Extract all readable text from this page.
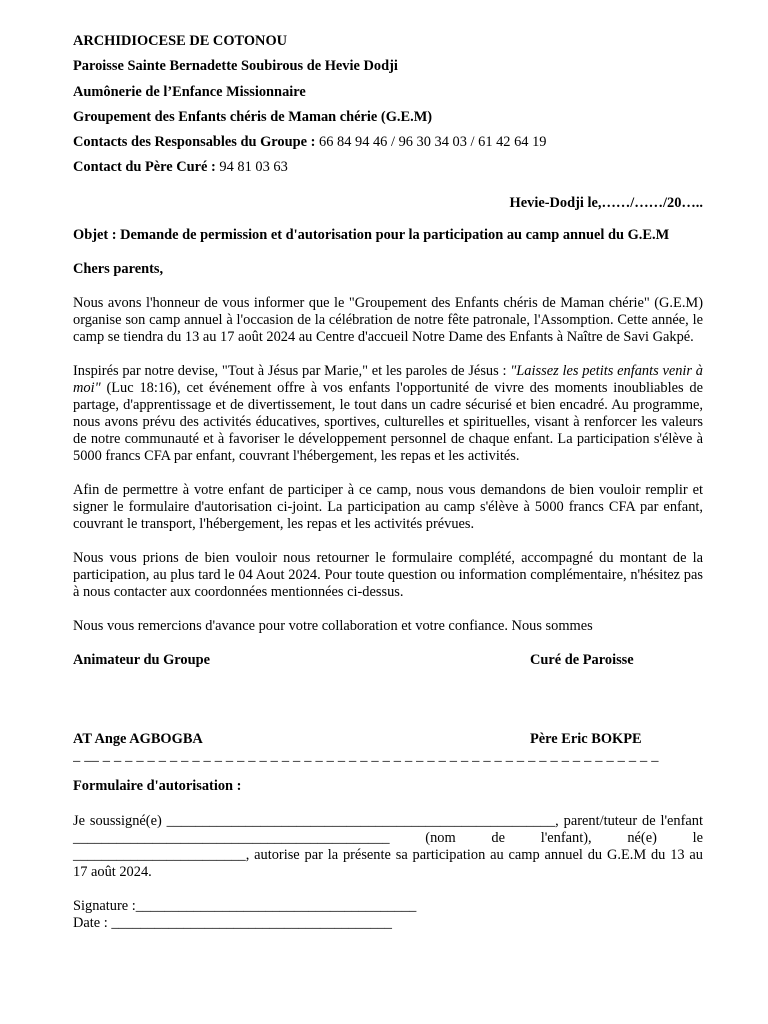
ARCHIDIOCESE DE COTONOU
Paroisse Sainte Bernadette Soubirous de Hevie Dodji
Aumônerie de l’Enfance Missionnaire
Groupement des Enfants chéris de Maman chérie (G.E.M)
Contacts des Responsables du Groupe : 66 84 94 46 / 96 30 34 03 / 61 42 64 19
Contact du Père Curé : 94 81 03 63
Hevie-Dodji le,……/……/20…..
Objet : Demande de permission et d'autorisation pour la participation au camp annuel du G.E.M
Chers parents,

Nous avons l'honneur de vous informer que le "Groupement des Enfants chéris de Maman chérie" (G.E.M) organise son camp annuel à l'occasion de la célébration de notre fête patronale, l'Assomption. Cette année, le camp se tiendra du 13 au 17 août 2024 au Centre d'accueil Notre Dame des Enfants à Naître de Savi Gakpé.

Inspirés par notre devise, "Tout à Jésus par Marie," et les paroles de Jésus : "Laissez les petits enfants venir à moi" (Luc 18:16), cet événement offre à vos enfants l'opportunité de vivre des moments inoubliables de partage, d'apprentissage et de divertissement, le tout dans un cadre sécurisé et bien encadré. Au programme, nous avons prévu des activités éducatives, sportives, culturelles et spirituelles, visant à renforcer les valeurs de notre communauté et à favoriser le développement personnel de chaque enfant. La participation s'élève à 5000 francs CFA par enfant, couvrant l'hébergement, les repas et les activités.

Afin de permettre à votre enfant de participer à ce camp, nous vous demandons de bien vouloir remplir et signer le formulaire d'autorisation ci-joint. La participation au camp s'élève à 5000 francs CFA par enfant, couvrant le transport, l'hébergement, les repas et les activités prévues.

Nous vous prions de bien vouloir nous retourner le formulaire complété, accompagné du montant de la participation, au plus tard le 04 Aout 2024. Pour toute question ou information complémentaire, n'hésitez pas à nous contacter aux coordonnées mentionnées ci-dessus.

Nous vous remercions d'avance pour votre collaboration et votre confiance. Nous sommes

Animateur du Groupe	Curé de Paroisse
AT Ange AGBOGBA	Père Eric BOKPE
_ __ _ _ _ _ _ _ _ _ _ _ _ _ _ _ _ _ _ _ _ _ _ _ _ _ _ _ _ _ _ _ _ _ _ _ _ _ _ _ _ _ _ _ _ _ _ _ _ _ _ _
Formulaire d'autorisation :

Je soussigné(e) ______________________________________________________, parent/tuteur de l'enfant ____________________________________________ (nom de l'enfant), né(e) le ________________________, autorise par la présente sa participation au camp annuel du G.E.M du 13 au 17 août 2024.

Signature :_______________________________________
Date : _______________________________________
